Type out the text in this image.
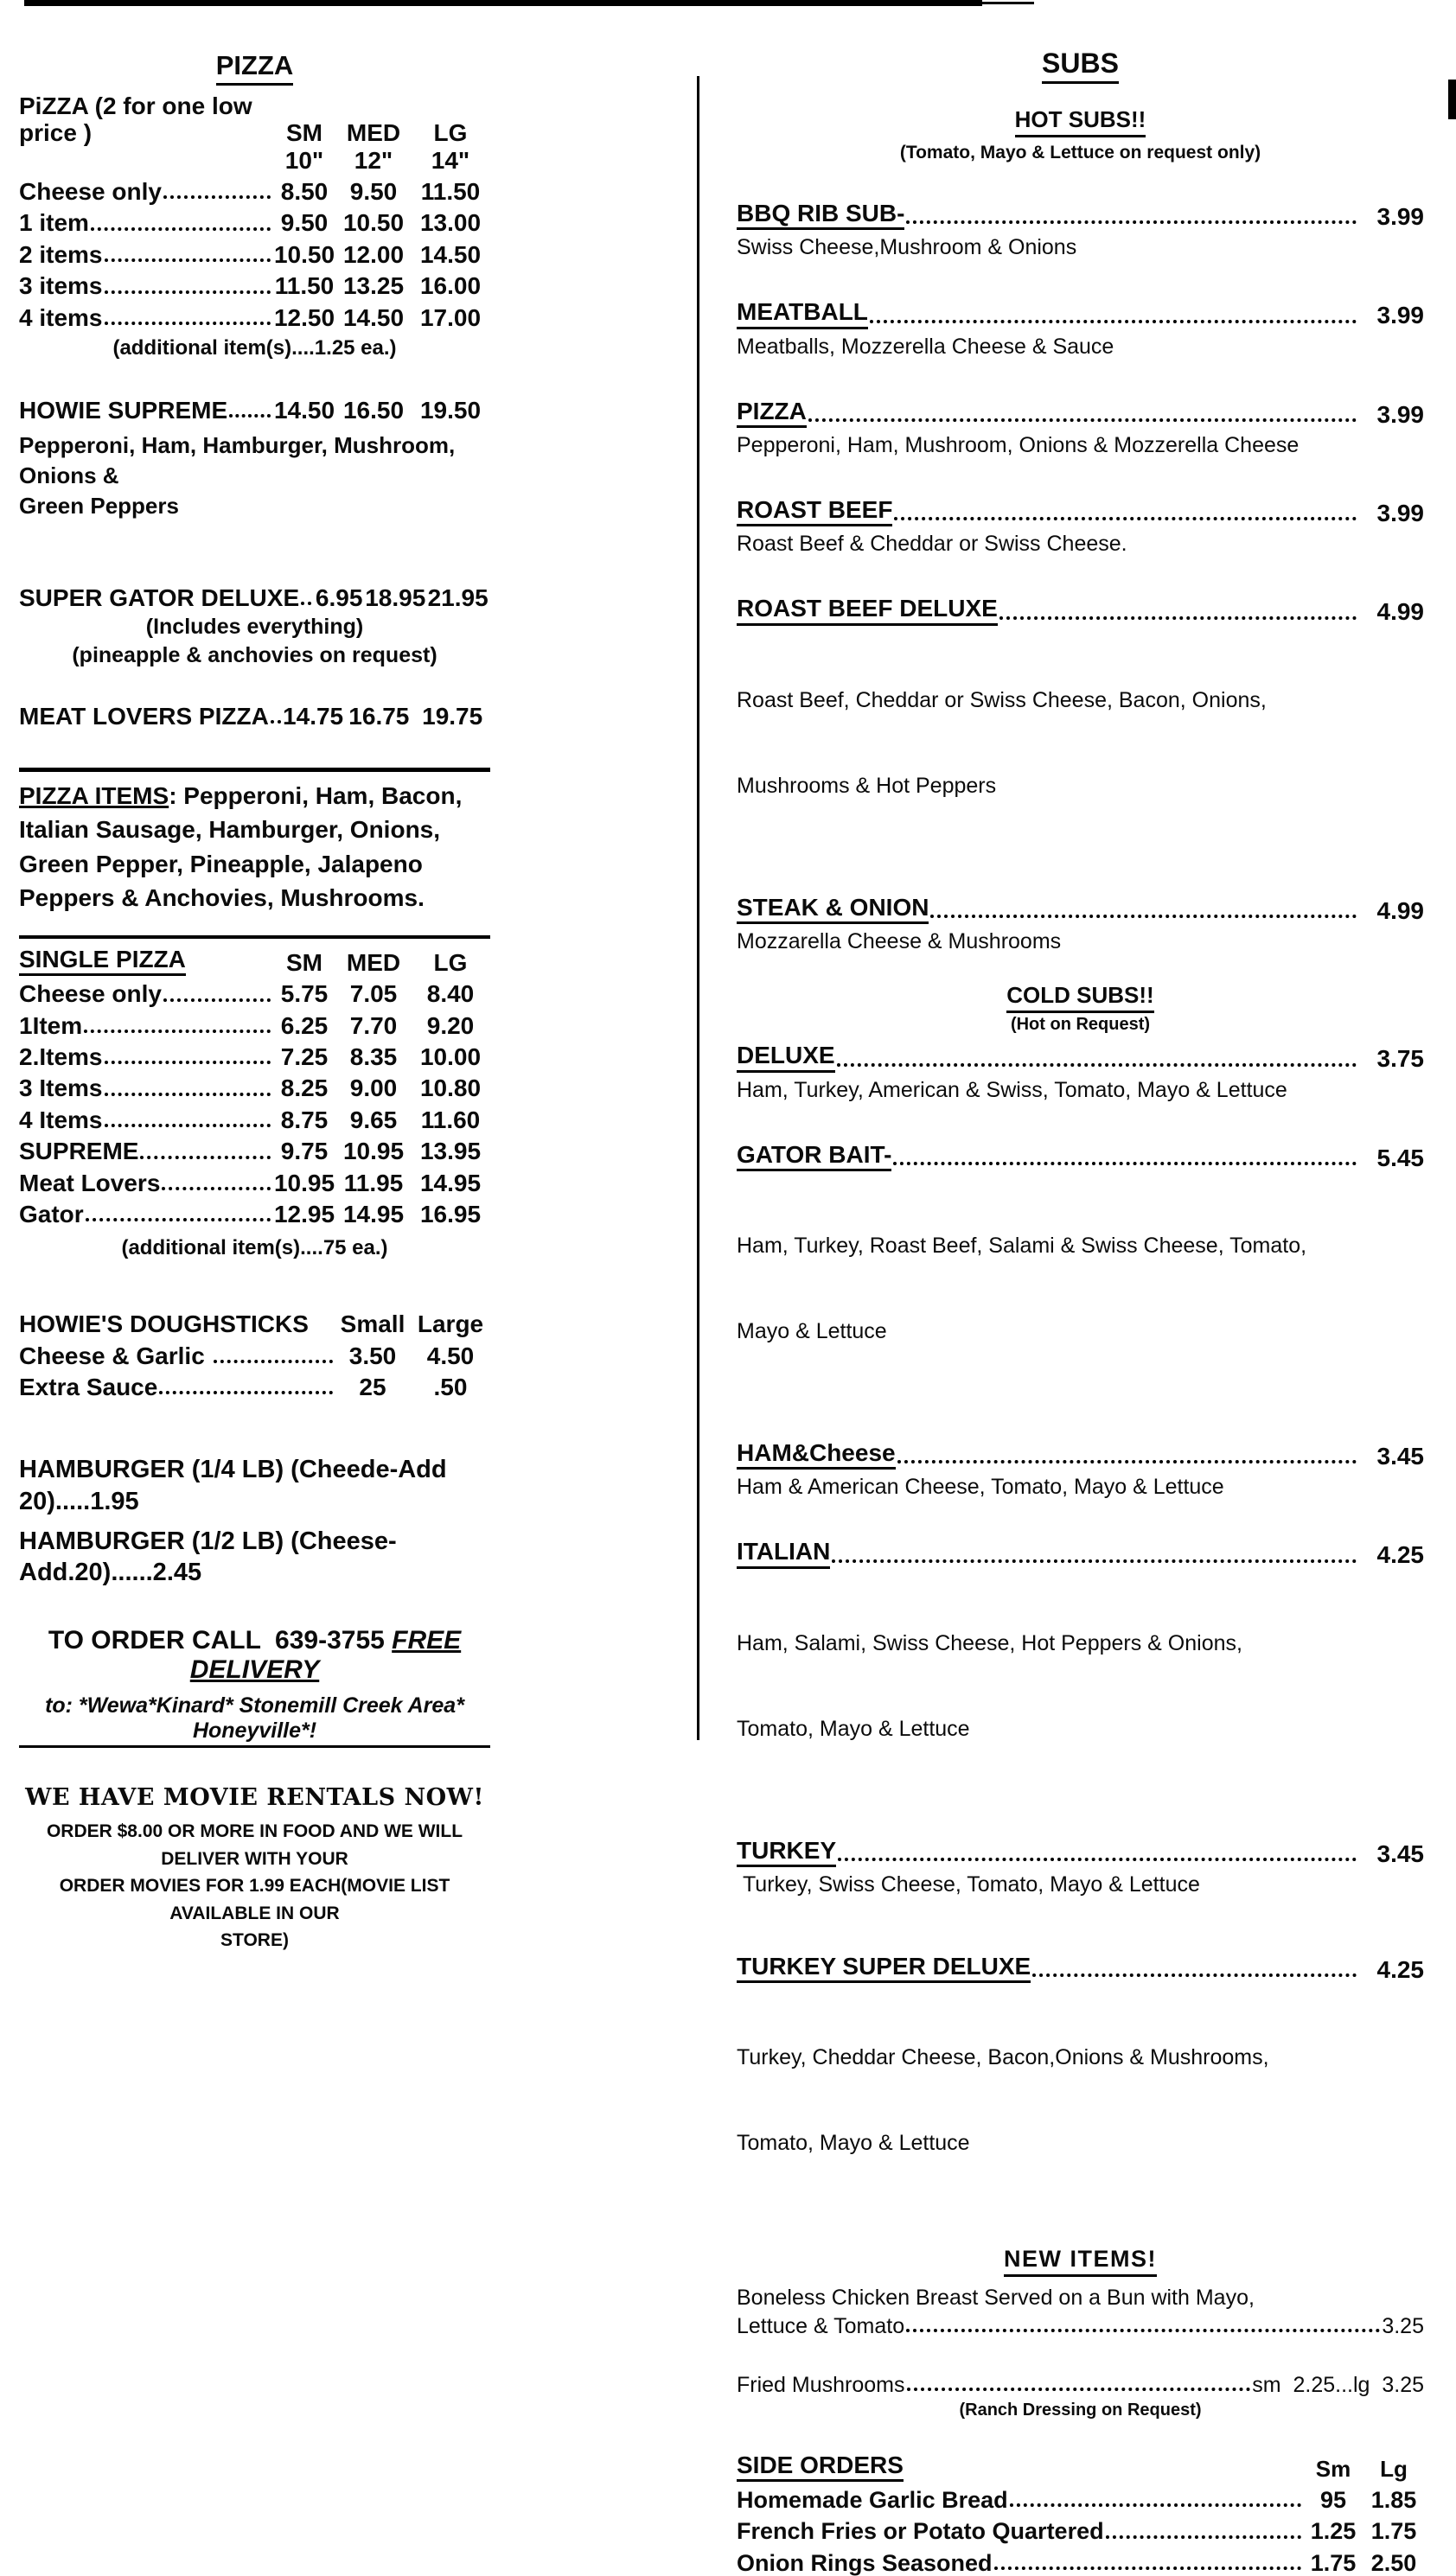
PIZZA
PiZZA (2 for one low price )	SM MED	LG
10"	12"	14"
Cheese only	8.50 9.50 11.50
1 item	9.50 10.50 13.00
2 items	10.50 12.00 14.50
3 items	11.50 13.25 16.00
4 items	12.50 14.50 17.00
(additional item(s)....1.25 ea.)
HOWIE SUPREME 14.50 16.50 19.50
Pepperoni, Ham, Hamburger, Mushroom, Onions &
Green Peppers
SUPER GATOR DELUXE 6.95 18.95 21.95
(Includes everything)
(pineapple & anchovies on request)
MEAT LOVERS PIZZA 14.75 16.75 19.75
PIZZA ITEMS: Pepperoni, Ham, Bacon, Italian Sausage, Hamburger, Onions, Green Pepper, Pineapple, Jalapeno Peppers & Anchovies, Mushrooms.
SINGLE PIZZA	SM MED	LG
Cheese only	5.75 7.05	8.40
1Item	6.25 7.70	9.20
2.Items	7.25 8.35 10.00
3 Items	8.25 9.00 10.80
4 Items	8.75 9.65 11.60
SUPREME	9.75 10.95 13.95
Meat Lovers	10.95 11.95 14.95
Gator	12.95 14.95 16.95
(additional item(s)....75 ea.)
HOWIE'S DOUGHSTICKS	Small Large
Cheese & Garlic	3.50	4.50
Extra Sauce	25	.50
HAMBURGER (1/4 LB) (Cheede-Add 20).....1.95
HAMBURGER (1/2 LB) (Cheese-Add.20)......2.45
TO ORDER CALL  639-3755 FREE DELIVERY
to: *Wewa*Kinard* Stonemill Creek Area* Honeyville*!
WE HAVE MOVIE RENTALS NOW!
ORDER $8.00 OR MORE IN FOOD AND WE WILL DELIVER WITH YOUR
ORDER MOVIES FOR 1.99 EACH(MOVIE LIST AVAILABLE IN OUR
STORE)
SUBS
HOT SUBS!!
(Tomato, Mayo & Lettuce on request only)
BBQ RIB SUB-	3.99
Swiss Cheese,Mushroom & Onions
MEATBALL	3.99
Meatballs, Mozzerella Cheese & Sauce
PIZZA	3.99
Pepperoni, Ham, Mushroom, Onions & Mozzerella Cheese
ROAST BEEF	3.99
Roast Beef & Cheddar or Swiss Cheese.
ROAST BEEF DELUXE	4.99

Roast Beef, Cheddar or Swiss Cheese, Bacon, Onions,

Mushrooms & Hot Peppers

STEAK & ONION	4.99
Mozzarella Cheese & Mushrooms
COLD SUBS!!
(Hot on Request)
DELUXE	3.75
Ham, Turkey, American & Swiss, Tomato, Mayo & Lettuce
GATOR BAIT-	5.45

Ham, Turkey, Roast Beef, Salami & Swiss Cheese, Tomato,

Mayo & Lettuce

HAM&Cheese	3.45
Ham & American Cheese, Tomato, Mayo & Lettuce
ITALIAN	4.25

Ham, Salami, Swiss Cheese, Hot Peppers & Onions,

Tomato, Mayo & Lettuce

TURKEY	3.45
Turkey, Swiss Cheese, Tomato, Mayo & Lettuce
TURKEY SUPER DELUXE	4.25

Turkey, Cheddar Cheese, Bacon,Onions & Mushrooms,

Tomato, Mayo & Lettuce

NEW ITEMS!
Boneless Chicken Breast Served on a Bun with Mayo,
Lettuce & Tomato	3.25
Fried Mushrooms	sm  2.25...lg  3.25
(Ranch Dressing on Request)
SIDE ORDERS	Sm	Lg
Homemade Garlic Bread	95	1.85
French Fries or Potato Quartered	1.25 1.75
Onion Rings Seasoned	1.75 2.50
